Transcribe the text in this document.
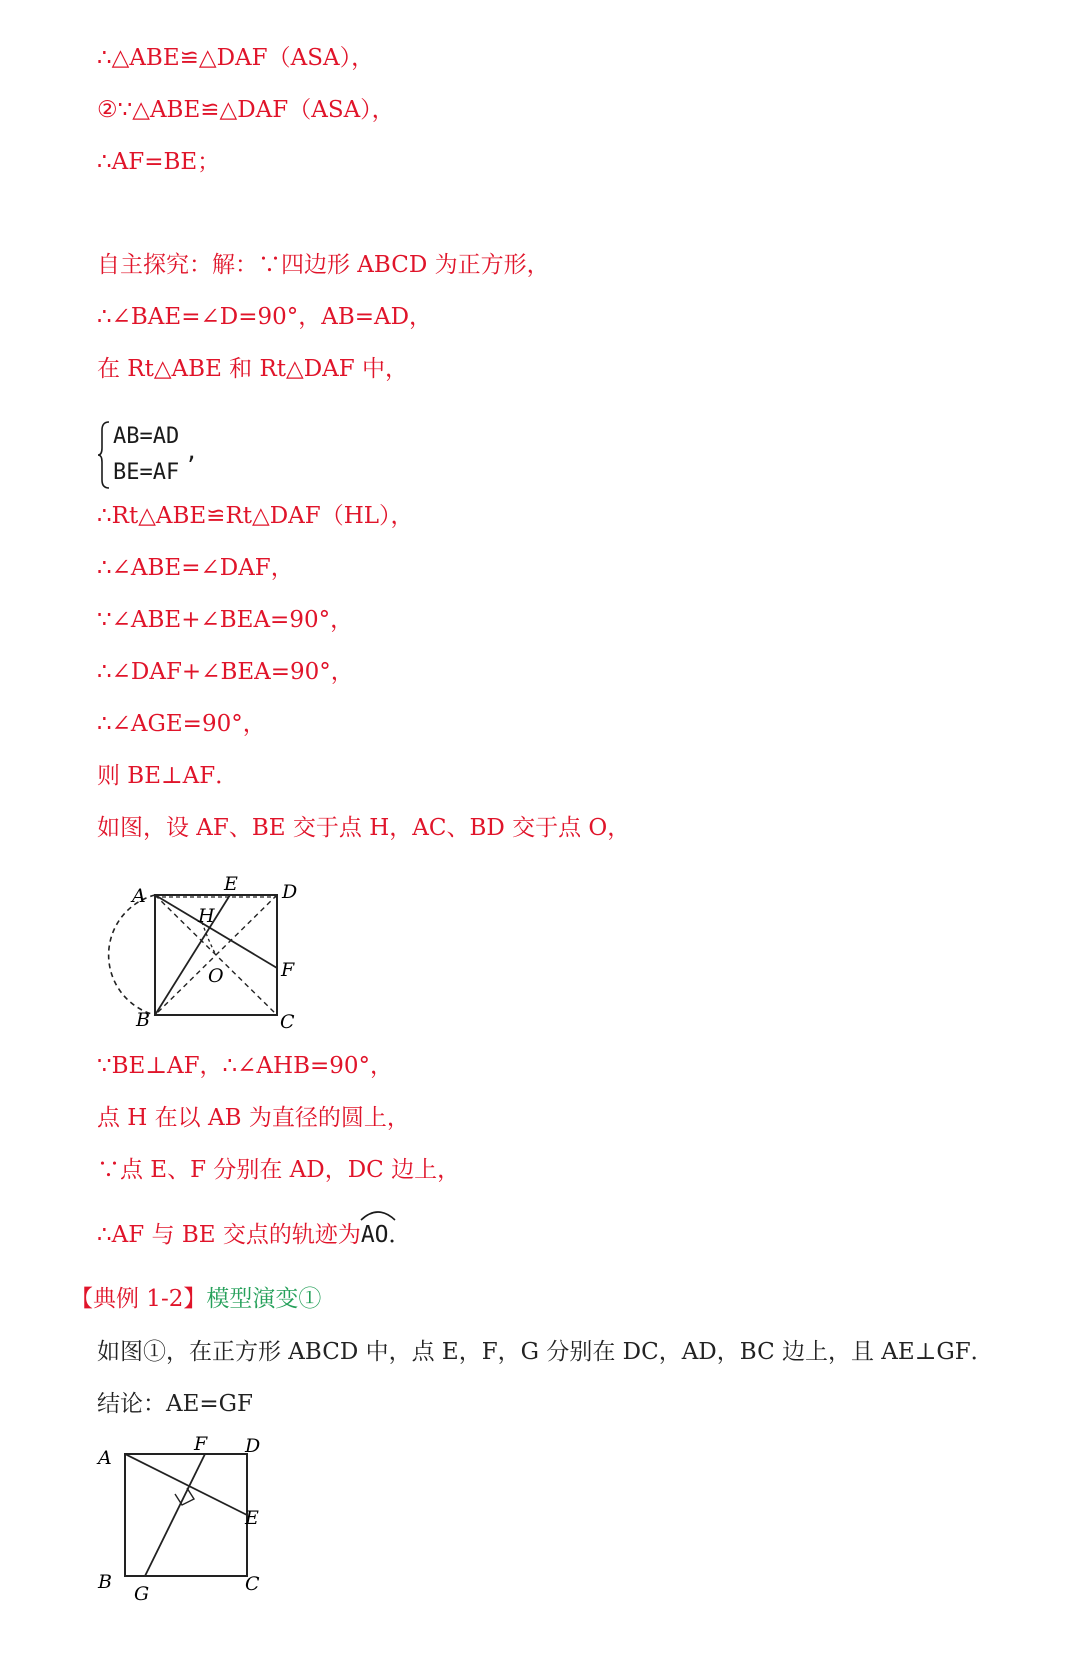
∴△ABE≌△DAF（ASA），

②∵△ABE≌△DAF（ASA），

∴AF=BE；

自主探究：解：∵四边形 ABCD 为正方形，

∴∠BAE=∠D=90°，AB=AD，

在 Rt△ABE 和 Rt△DAF 中，

AB=AD
BE=AF
,

∴Rt△ABE≌Rt△DAF（HL），

∴∠ABE=∠DAF，

∵∠ABE+∠BEA=90°，

∴∠DAF+∠BEA=90°，

∴∠AGE=90°，

则 BE⊥AF．

如图，设 AF、BE 交于点 H，AC、BD 交于点 O，

A
E D
H
O	F
B	C

∵BE⊥AF，∴∠AHB=90°，

点 H 在以 AB 为直径的圆上，

∵点 E、F 分别在 AD，DC 边上，

∴AF 与 BE 交点的轨迹为
AO．

【典例 1-2】模型演变①

如图①，在正方形 ABCD 中，点 E，F，G 分别在 DC，AD，BC 边上，且 AE⊥GF．

结论：AE=GF

A
F D
E
B
G	C
